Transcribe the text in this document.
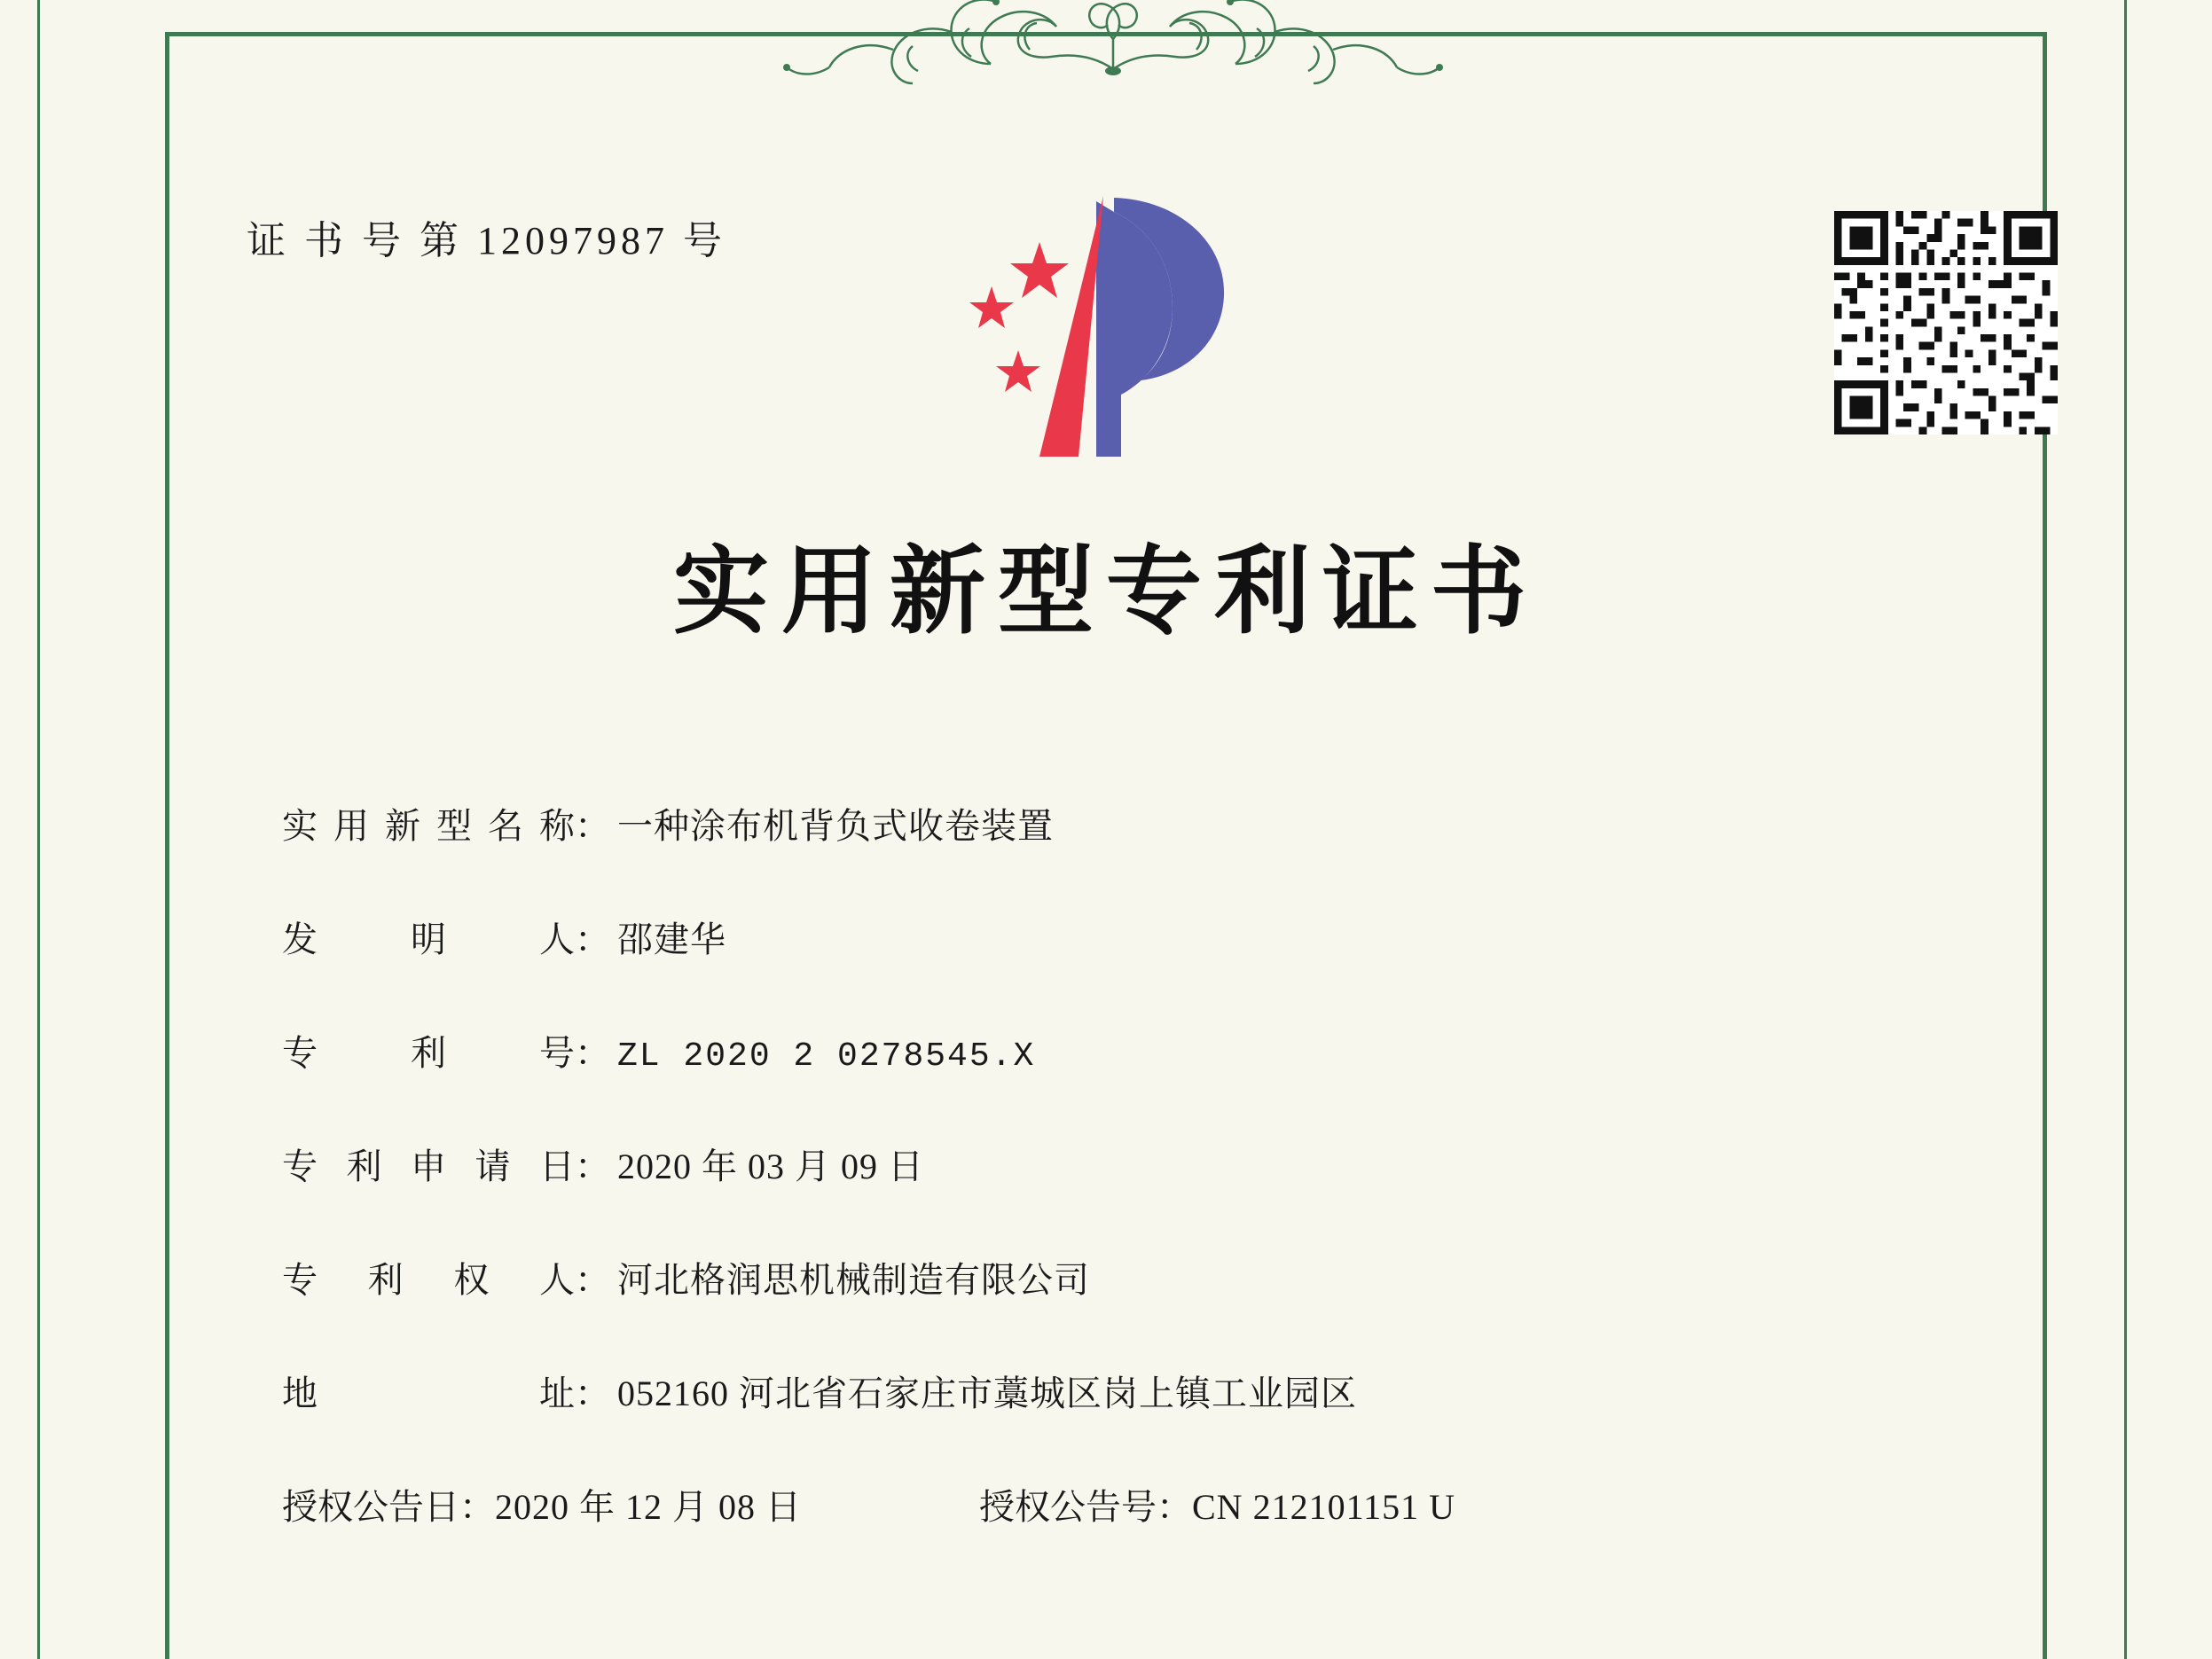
证 书 号 第 12097987 号
实用新型专利证书
实用新型名称 ： 一种涂布机背负式收卷装置
发明人 ： 邵建华
专利号 ： ZL 2020 2 0278545.X
专利申请日 ： 2020 年 03 月 09 日
专利权人 ： 河北格润思机械制造有限公司
地址 ： 052160 河北省石家庄市藁城区岗上镇工业园区
授权公告日 ： 2020 年 12 月 08 日	授权公告号 ： CN 212101151 U
